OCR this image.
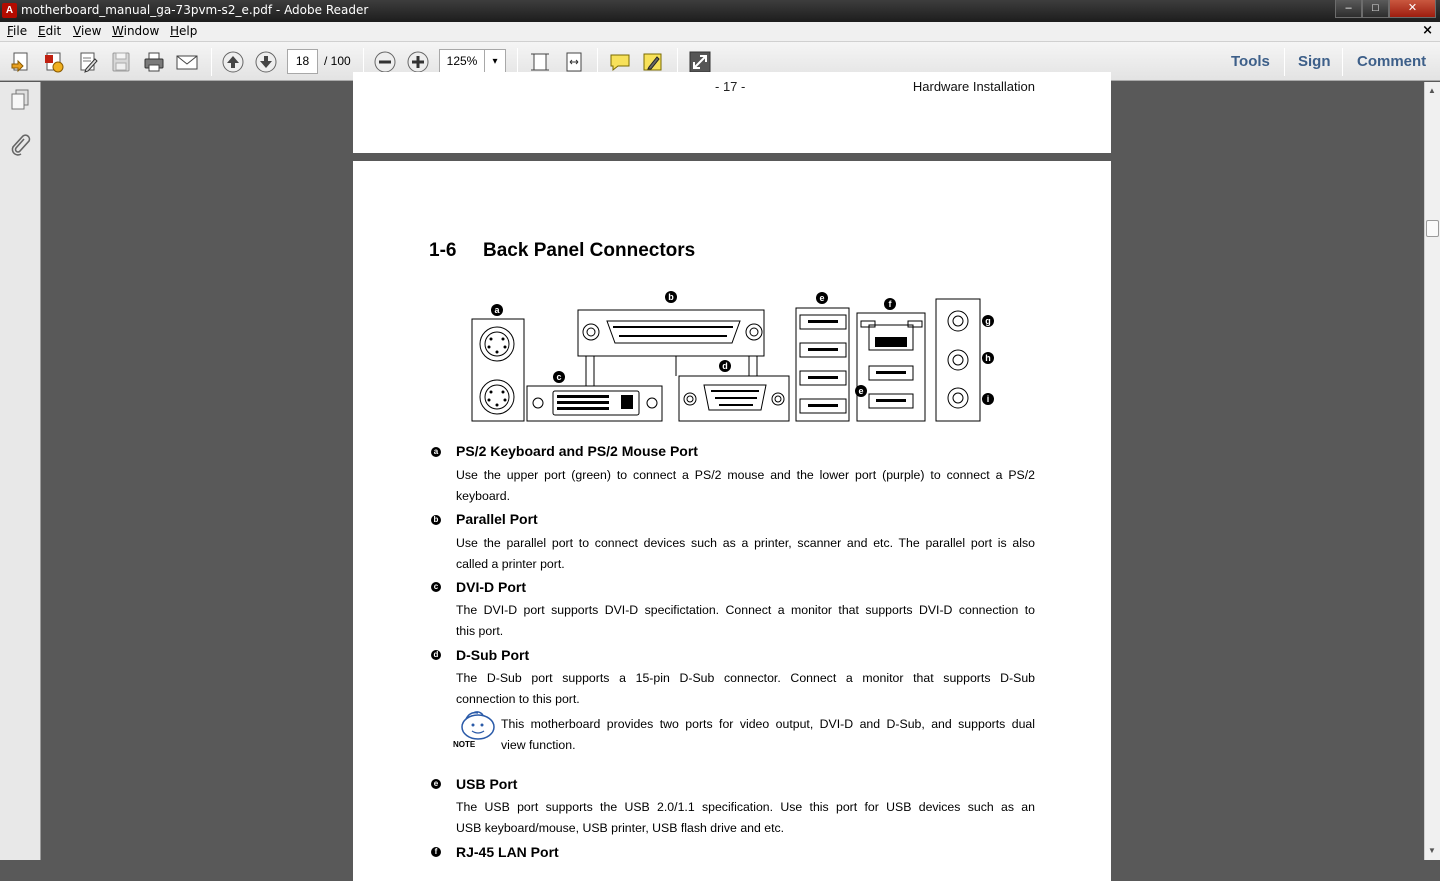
A motherboard_manual_ga-73pvm-s2_e.pdf - Adobe Reader	–	□	✕
File Edit View Window Help	×
18	/ 100	125%	▾	Tools Sign Comment
- 17 -	Hardware Installation
1-6 Back Panel Connectors
a
b
c
d
e
e
f
g
h
i
a PS/2 Keyboard and PS/2 Mouse Port
Use the upper port (green) to connect a PS/2 mouse and the lower port (purple) to connect a PS/2
keyboard.
b Parallel Port
Use the parallel port to connect devices such as a printer, scanner and etc. The parallel port is also
called a printer port.
c DVI-D Port
The DVI-D port supports DVI-D specifictation. Connect a monitor that supports DVI-D connection to
this port.
d D-Sub Port
The D-Sub port supports a 15-pin D-Sub connector. Connect a monitor that supports D-Sub
connection to this port.
NOTE
This motherboard provides two ports for video output, DVI-D and D-Sub, and supports dual
view function.
e USB Port
The USB port supports the USB 2.0/1.1 specification. Use this port for USB devices such as an
USB keyboard/mouse, USB printer, USB flash drive and etc.
f RJ-45 LAN Port
▲
▼
